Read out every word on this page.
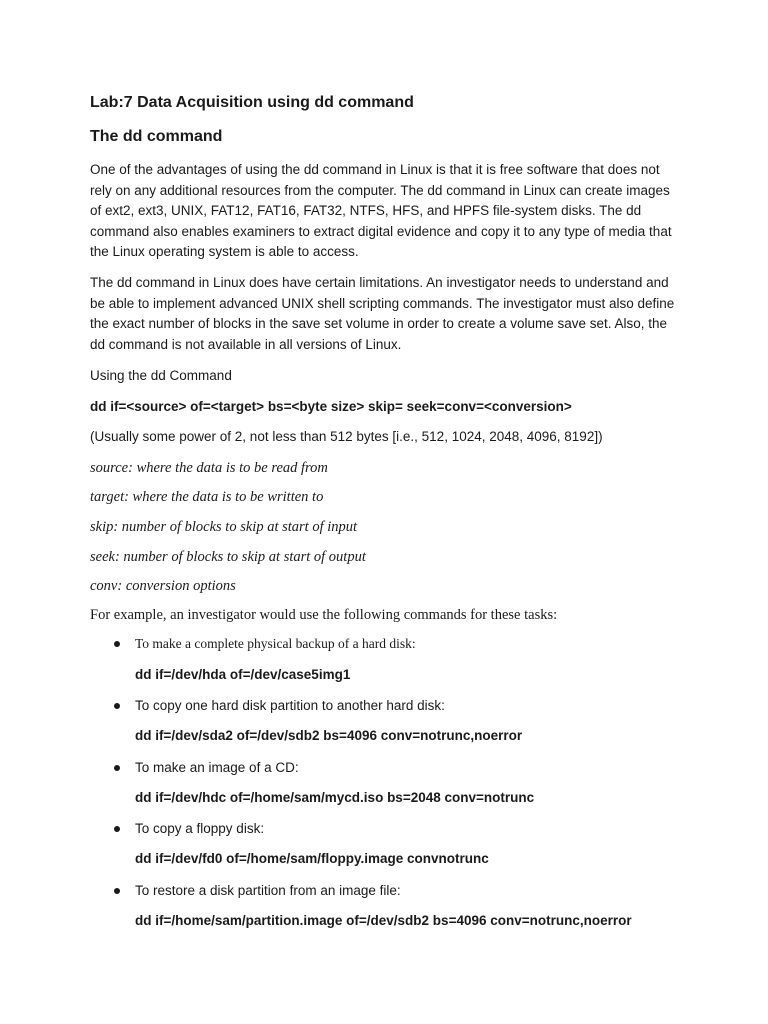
Lab:7 Data Acquisition using dd command
The dd command

One of the advantages of using the dd command in Linux is that it is free software that does not rely on any additional resources from the computer. The dd command in Linux can create images of ext2, ext3, UNIX, FAT12, FAT16, FAT32, NTFS, HFS, and HPFS file-system disks. The dd command also enables examiners to extract digital evidence and copy it to any type of media that the Linux operating system is able to access.

The dd command in Linux does have certain limitations. An investigator needs to understand and be able to implement advanced UNIX shell scripting commands. The investigator must also define the exact number of blocks in the save set volume in order to create a volume save set. Also, the dd command is not available in all versions of Linux.

Using the dd Command
dd if=<source> of=<target> bs=<byte size> skip= seek=conv=<conversion>
(Usually some power of 2, not less than 512 bytes [i.e., 512, 1024, 2048, 4096, 8192])
source: where the data is to be read from
target: where the data is to be written to
skip: number of blocks to skip at start of input
seek: number of blocks to skip at start of output
conv: conversion options
For example, an investigator would use the following commands for these tasks:
To make a complete physical backup of a hard disk:
dd if=/dev/hda of=/dev/case5img1
To copy one hard disk partition to another hard disk:
dd if=/dev/sda2 of=/dev/sdb2 bs=4096 conv=notrunc,noerror
To make an image of a CD:
dd if=/dev/hdc of=/home/sam/mycd.iso bs=2048 conv=notrunc
To copy a floppy disk:
dd if=/dev/fd0 of=/home/sam/floppy.image convnotrunc
To restore a disk partition from an image file:
dd if=/home/sam/partition.image of=/dev/sdb2 bs=4096 conv=notrunc,noerror
